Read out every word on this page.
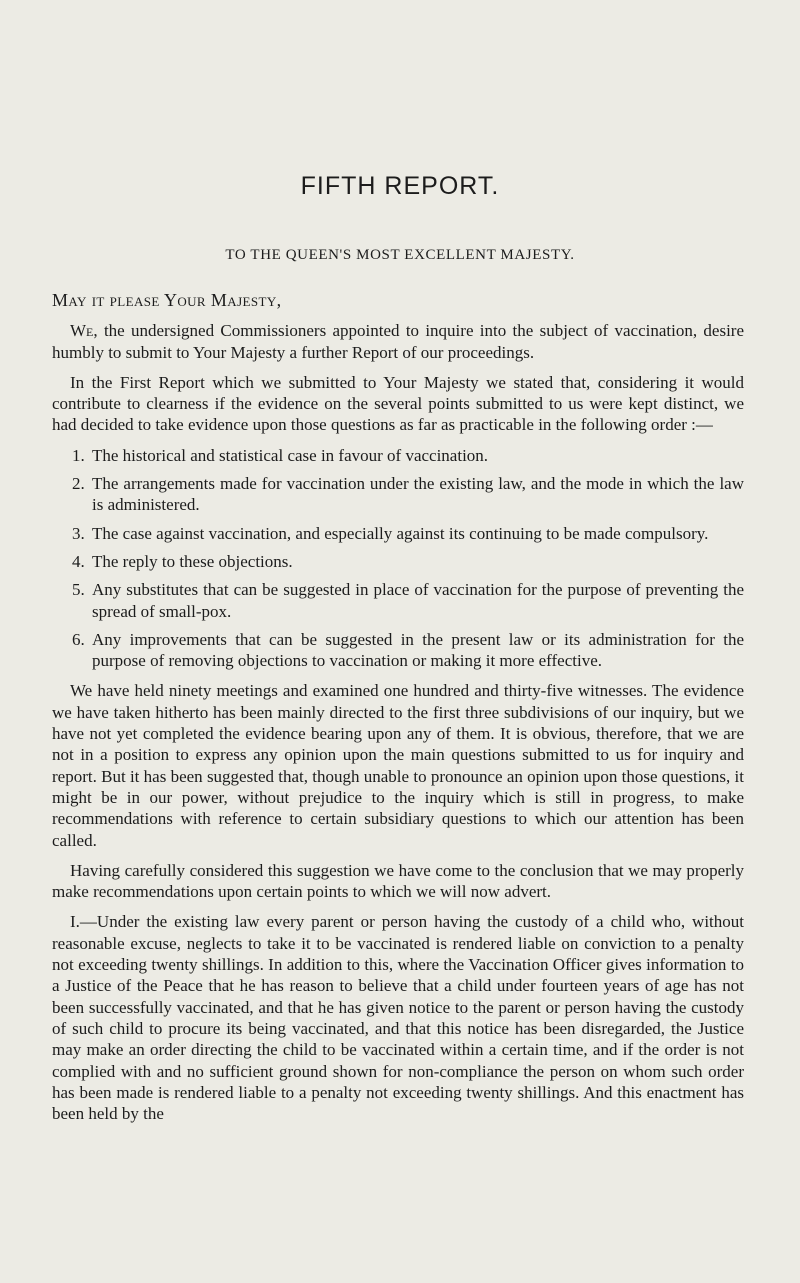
FIFTH REPORT.
TO THE QUEEN'S MOST EXCELLENT MAJESTY.
May it please Your Majesty,

We, the undersigned Commissioners appointed to inquire into the subject of vaccination, desire humbly to submit to Your Majesty a further Report of our proceedings.

In the First Report which we submitted to Your Majesty we stated that, considering it would contribute to clearness if the evidence on the several points submitted to us were kept distinct, we had decided to take evidence upon those questions as far as practicable in the following order :—

1. The historical and statistical case in favour of vaccination.
2. The arrangements made for vaccination under the existing law, and the mode in which the law is administered.
3. The case against vaccination, and especially against its continuing to be made compulsory.
4. The reply to these objections.
5. Any substitutes that can be suggested in place of vaccination for the purpose of preventing the spread of small-pox.
6. Any improvements that can be suggested in the present law or its administration for the purpose of removing objections to vaccination or making it more effective.

We have held ninety meetings and examined one hundred and thirty-five witnesses. The evidence we have taken hitherto has been mainly directed to the first three subdivisions of our inquiry, but we have not yet completed the evidence bearing upon any of them. It is obvious, therefore, that we are not in a position to express any opinion upon the main questions submitted to us for inquiry and report. But it has been suggested that, though unable to pronounce an opinion upon those questions, it might be in our power, without prejudice to the inquiry which is still in progress, to make recommendations with reference to certain subsidiary questions to which our attention has been called.

Having carefully considered this suggestion we have come to the conclusion that we may properly make recommendations upon certain points to which we will now advert.

I.—Under the existing law every parent or person having the custody of a child who, without reasonable excuse, neglects to take it to be vaccinated is rendered liable on conviction to a penalty not exceeding twenty shillings. In addition to this, where the Vaccination Officer gives information to a Justice of the Peace that he has reason to believe that a child under fourteen years of age has not been successfully vaccinated, and that he has given notice to the parent or person having the custody of such child to procure its being vaccinated, and that this notice has been disregarded, the Justice may make an order directing the child to be vaccinated within a certain time, and if the order is not complied with and no sufficient ground shown for non-compliance the person on whom such order has been made is rendered liable to a penalty not exceeding twenty shillings. And this enactment has been held by the
